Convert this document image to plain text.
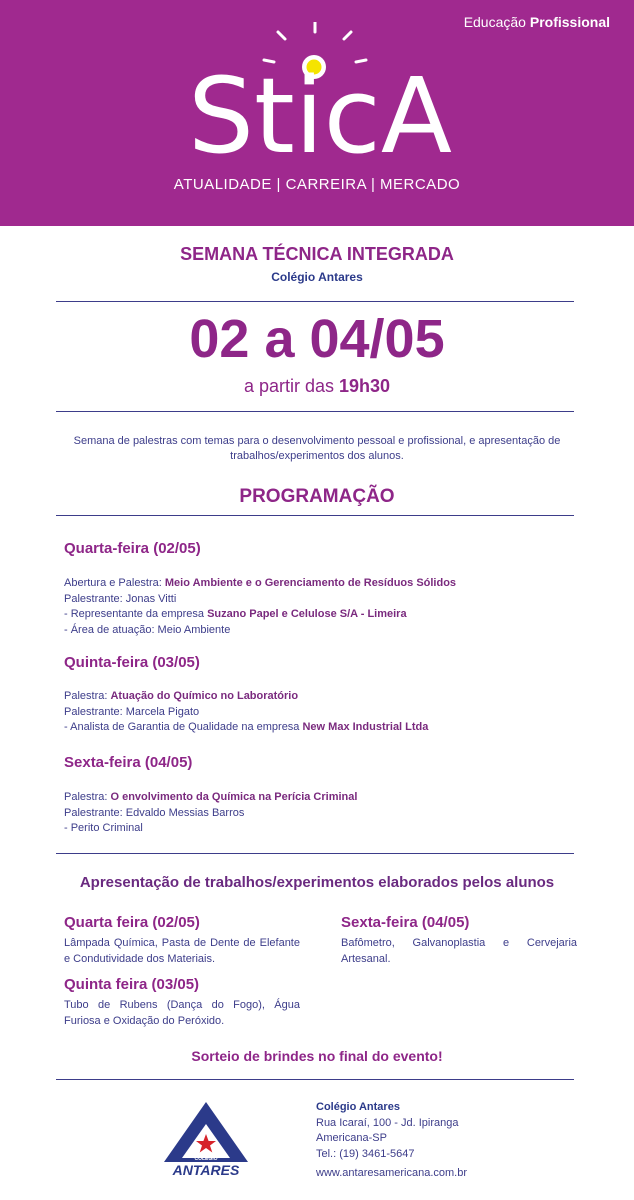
Educação Profissional
SticA
ATUALIDADE | CARREIRA | MERCADO
SEMANA TÉCNICA INTEGRADA
Colégio Antares
02 a 04/05
a partir das 19h30
Semana de palestras com temas para o desenvolvimento pessoal e profissional, e apresentação de trabalhos/experimentos dos alunos.
PROGRAMAÇÃO
Quarta-feira (02/05)
Abertura e Palestra: Meio Ambiente e o Gerenciamento de Resíduos Sólidos
Palestrante: Jonas Vitti
- Representante da empresa Suzano Papel e Celulose S/A - Limeira
- Área de atuação: Meio Ambiente
Quinta-feira (03/05)
Palestra: Atuação do Químico no Laboratório
Palestrante: Marcela Pigato
- Analista de Garantia de Qualidade na empresa New Max Industrial Ltda
Sexta-feira (04/05)
Palestra: O envolvimento da Química na Perícia Criminal
Palestrante: Edvaldo Messias Barros
- Perito Criminal
Apresentação de trabalhos/experimentos elaborados pelos alunos
Quarta feira (02/05)
Lâmpada Química, Pasta de Dente de Elefante e Condutividade dos Materiais.
Quinta feira (03/05)
Tubo de Rubens (Dança do Fogo), Água Furiosa e Oxidação do Peróxido.
Sexta-feira (04/05)
Bafômetro, Galvanoplastia e Cervejaria Artesanal.
Sorteio de brindes no final do evento!
COLÉGIO
ANTARES
Colégio Antares
Rua Icaraí, 100 - Jd. Ipiranga
Americana-SP
Tel.: (19) 3461-5647
www.antaresamericana.com.br
